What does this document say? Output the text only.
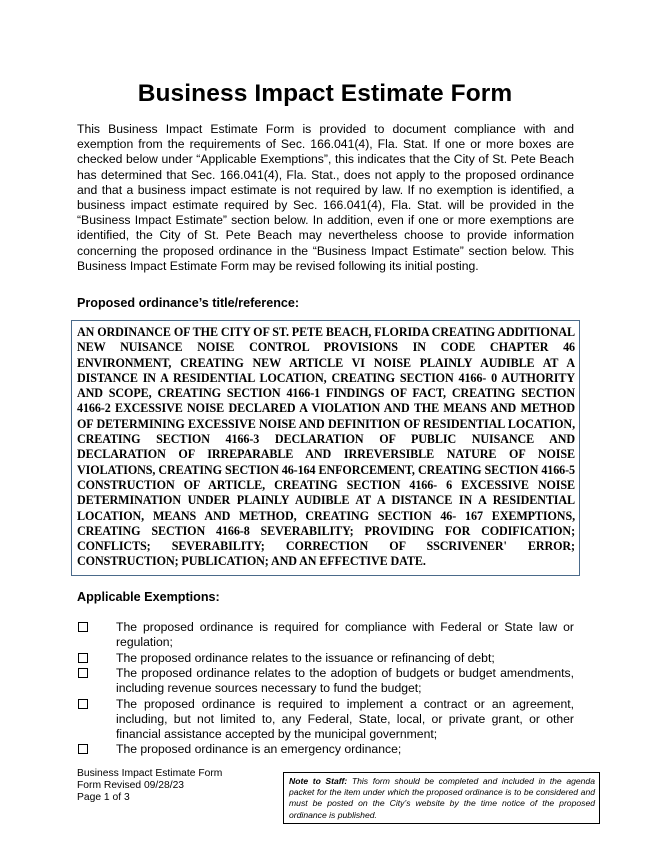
Business Impact Estimate Form
This Business Impact Estimate Form is provided to document compliance with and exemption from the requirements of Sec. 166.041(4), Fla. Stat. If one or more boxes are checked below under “Applicable Exemptions”, this indicates that the City of St. Pete Beach has determined that Sec. 166.041(4), Fla. Stat., does not apply to the proposed ordinance and that a business impact estimate is not required by law. If no exemption is identified, a business impact estimate required by Sec. 166.041(4), Fla. Stat. will be provided in the “Business Impact Estimate” section below. In addition, even if one or more exemptions are identified, the City of St. Pete Beach may nevertheless choose to provide information concerning the proposed ordinance in the “Business Impact Estimate” section below. This Business Impact Estimate Form may be revised following its initial posting.
Proposed ordinance’s title/reference:
AN ORDINANCE OF THE CITY OF ST. PETE BEACH, FLORIDA CREATING ADDITIONAL NEW NUISANCE NOISE CONTROL PROVISIONS IN CODE CHAPTER 46 ENVIRONMENT, CREATING NEW ARTICLE VI NOISE PLAINLY AUDIBLE AT A DISTANCE IN A RESIDENTIAL LOCATION, CREATING SECTION 4166- 0 AUTHORITY AND SCOPE, CREATING SECTION 4166-1 FINDINGS OF FACT, CREATING SECTION 4166-2 EXCESSIVE NOISE DECLARED A VIOLATION AND THE MEANS AND METHOD OF DETERMINING EXCESSIVE NOISE AND DEFINITION OF RESIDENTIAL LOCATION, CREATING SECTION 4166-3 DECLARATION OF PUBLIC NUISANCE AND DECLARATION OF IRREPARABLE AND IRREVERSIBLE NATURE OF NOISE VIOLATIONS, CREATING SECTION 46-164 ENFORCEMENT, CREATING SECTION 4166-5 CONSTRUCTION OF ARTICLE, CREATING SECTION 4166- 6 EXCESSIVE NOISE DETERMINATION UNDER PLAINLY AUDIBLE AT A DISTANCE IN A RESIDENTIAL LOCATION, MEANS AND METHOD, CREATING SECTION 46- 167 EXEMPTIONS, CREATING SECTION 4166-8 SEVERABILITY; PROVIDING FOR CODIFICATION; CONFLICTS; SEVERABILITY; CORRECTION OF SSCRIVENER' ERROR; CONSTRUCTION; PUBLICATION; AND AN EFFECTIVE DATE.
Applicable Exemptions:
The proposed ordinance is required for compliance with Federal or State law or regulation;
The proposed ordinance relates to the issuance or refinancing of debt;
The proposed ordinance relates to the adoption of budgets or budget amendments, including revenue sources necessary to fund the budget;
The proposed ordinance is required to implement a contract or an agreement, including, but not limited to, any Federal, State, local, or private grant, or other financial assistance accepted by the municipal government;
The proposed ordinance is an emergency ordinance;
Business Impact Estimate Form
Form Revised 09/28/23
Page 1 of 3
Note to Staff: This form should be completed and included in the agenda packet for the item under which the proposed ordinance is to be considered and must be posted on the City’s website by the time notice of the proposed ordinance is published.
